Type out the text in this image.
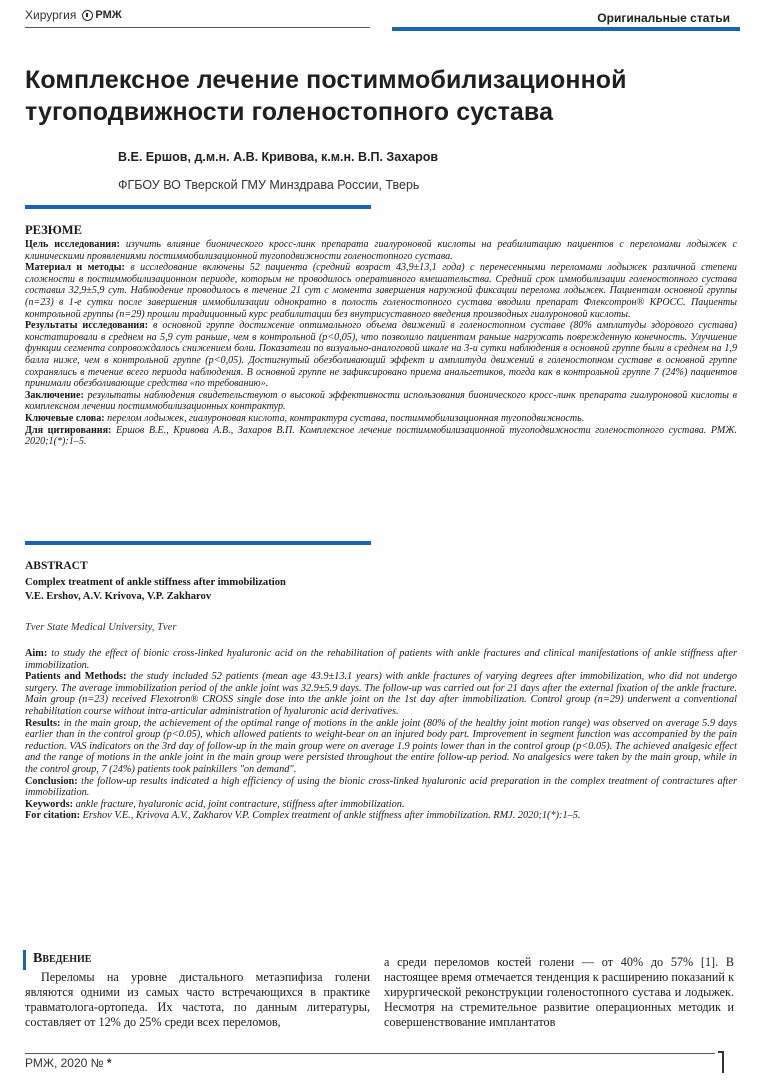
Хирургия РМЖ	Оригинальные статьи
Комплексное лечение постиммобилизационной тугоподвижности голеностопного сустава
В.Е. Ершов, д.м.н. А.В. Кривова, к.м.н. В.П. Захаров
ФГБОУ ВО Тверской ГМУ Минздрава России, Тверь
РЕЗЮМЕ

Цель исследования: изучить влияние бионического кросс-линк препарата гиалуроновой кислоты на реабилитацию пациентов с переломами лодыжек с клиническими проявлениями постиммобилизационной тугоподвижности голеностопного сустава.

Материал и методы: в исследование включены 52 пациента (средний возраст 43,9±13,1 года) с перенесенными переломами лодыжек различной степени сложности в постиммобилизационном периоде, которым не проводилось оперативного вмешательства. Средний срок иммобилизации голеностопного сустава составил 32,9±5,9 сут. Наблюдение проводилось в течение 21 сут с момента завершения наружной фиксации перелома лодыжек. Пациентам основной группы (n=23) в 1-е сутки после завершения иммобилизации однократно в полость голеностопного сустава вводили препарат Флексотрон® КРОСС. Пациенты контрольной группы (n=29) прошли традиционный курс реабилитации без внутрисуставного введения производных гиалуроновой кислоты.

Результаты исследования: в основной группе достижение оптимального объема движений в голеностопном суставе (80% амплитуды здорового сустава) констатировали в среднем на 5,9 сут раньше, чем в контрольной (p<0,05), что позволило пациентам раньше нагружать поврежденную конечность. Улучшение функции сегмента сопровождалось снижением боли. Показатели по визуально-аналоговой шкале на 3-и сутки наблюдения в основной группе были в среднем на 1,9 балла ниже, чем в контрольной группе (p<0,05). Достигнутый обезболивающий эффект и амплитуда движений в голеностопном суставе в основной группе сохранялись в течение всего периода наблюдения. В основной группе не зафиксировано приема анальгетиков, тогда как в контрольной группе 7 (24%) пациентов принимали обезболивающие средства «по требованию».

Заключение: результаты наблюдения свидетельствуют о высокой эффективности использования бионического кросс-линк препарата гиалуроновой кислоты в комплексном лечении постиммобилизационных контрактур.

Ключевые слова: перелом лодыжек, гиалуроновая кислота, контрактура сустава, постиммобилизационная тугоподвижность.

Для цитирования: Ершов В.Е., Кривова А.В., Захаров В.П. Комплексное лечение постиммобилизационной тугоподвижности голеностопного сустава. РМЖ. 2020;1(*):1–5.

ABSTRACT
Complex treatment of ankle stiffness after immobilization
V.E. Ershov, A.V. Krivova, V.P. Zakharov
Tver State Medical University, Tver

Aim: to study the effect of bionic cross-linked hyaluronic acid on the rehabilitation of patients with ankle fractures and clinical manifestations of ankle stiffness after immobilization.

Patients and Methods: the study included 52 patients (mean age 43.9±13.1 years) with ankle fractures of varying degrees after immobilization, who did not undergo surgery. The average immobilization period of the ankle joint was 32.9±5.9 days. The follow-up was carried out for 21 days after the external fixation of the ankle fracture. Main group (n=23) received Flexotron® CROSS single dose into the ankle joint on the 1st day after immobilization. Control group (n=29) underwent a conventional rehabilitation course without intra-articular administration of hyaluronic acid derivatives.

Results: in the main group, the achievement of the optimal range of motions in the ankle joint (80% of the healthy joint motion range) was observed on average 5.9 days earlier than in the control group (p<0.05), which allowed patients to weight-bear on an injured body part. Improvement in segment function was accompanied by the pain reduction. VAS indicators on the 3rd day of follow-up in the main group were on average 1.9 points lower than in the control group (p<0.05). The achieved analgesic effect and the range of motions in the ankle joint in the main group were persisted throughout the entire follow-up period. No analgesics were taken by the main group, while in the control group, 7 (24%) patients took painkillers "on demand".

Conclusion: the follow-up results indicated a high efficiency of using the bionic cross-linked hyaluronic acid preparation in the complex treatment of contractures after immobilization.

Keywords: ankle fracture, hyaluronic acid, joint contracture, stiffness after immobilization.

For citation: Ershov V.E., Krivova A.V., Zakharov V.P. Complex treatment of ankle stiffness after immobilization. RMJ. 2020;1(*):1–5.

Введение

Переломы на уровне дистального метаэпифиза голени являются одними из самых часто встречающихся в практике травматолога-ортопеда. Их частота, по данным литературы, составляет от 12% до 25% среди всех переломов,

а среди переломов костей голени — от 40% до 57% [1]. В настоящее время отмечается тенденция к расширению показаний к хирургической реконструкции голеностопного сустава и лодыжек. Несмотря на стремительное развитие операционных методик и совершенствование имплантатов

РМЖ, 2020 № *
